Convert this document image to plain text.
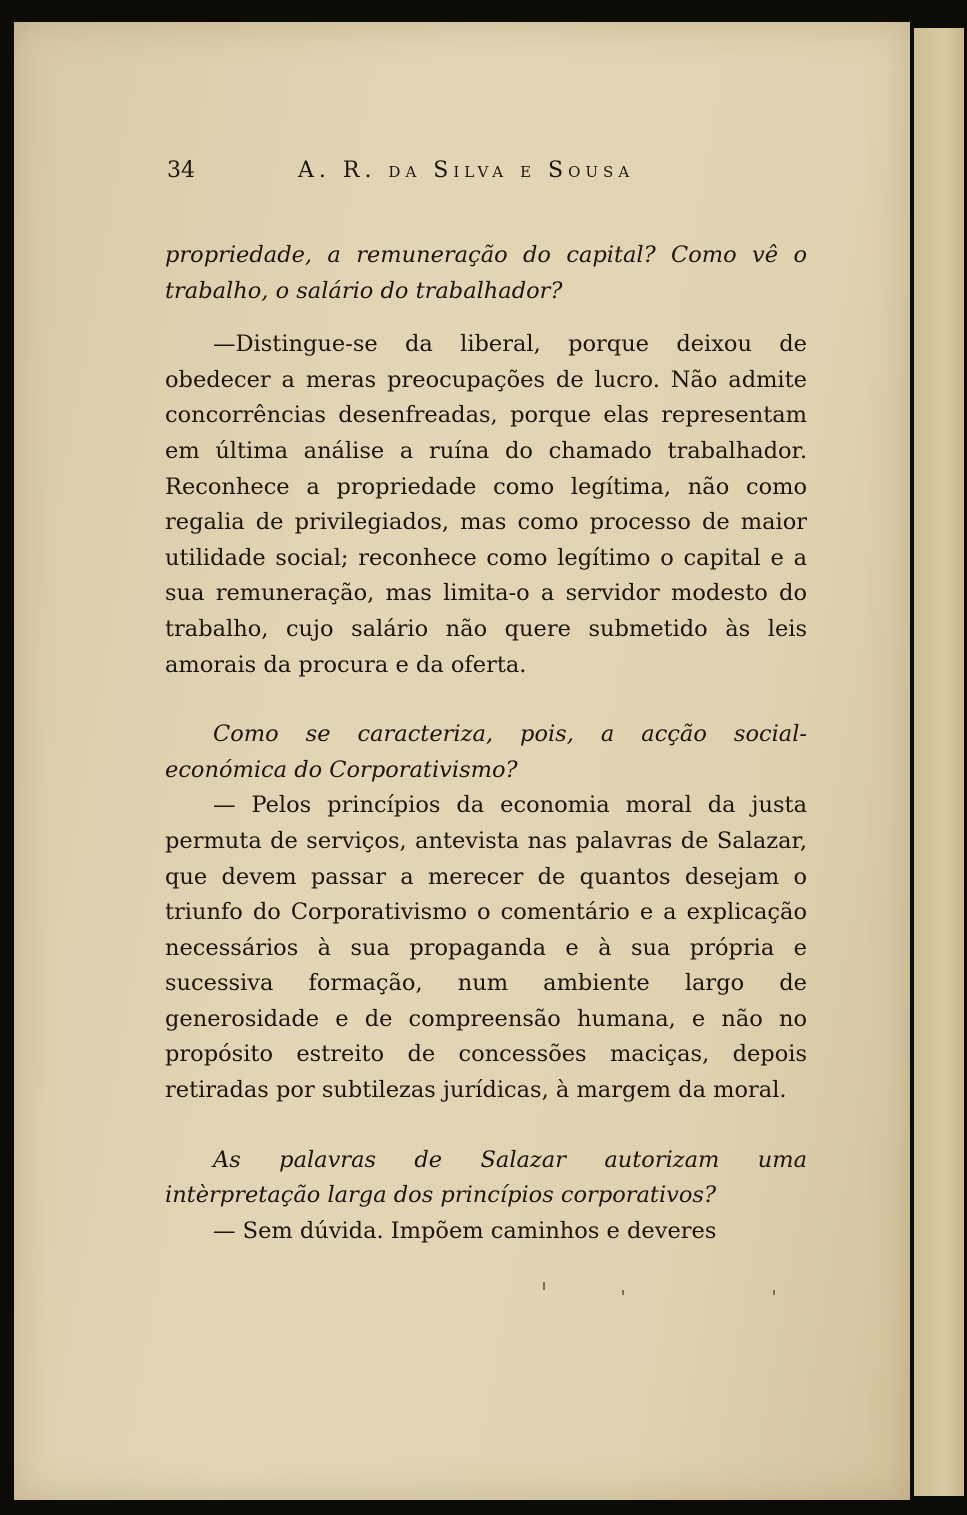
34	A. R. da Silva e Sousa

propriedade, a remuneração do capital? Como vê o trabalho, o salário do trabalhador?

—Distingue-se da liberal, porque deixou de obedecer a meras preocupações de lucro. Não admite concorrências desenfreadas, porque elas representam em última análise a ruína do chamado trabalhador. Reconhece a propriedade como legítima, não como regalia de privilegiados, mas como processo de maior utilidade social; reconhece como legítimo o capital e a sua remuneração, mas limita-o a servidor modesto do trabalho, cujo salário não quere submetido às leis amorais da procura e da oferta.

Como se caracteriza, pois, a acção social-económica do Corporativismo?

— Pelos princípios da economia moral da justa permuta de serviços, antevista nas palavras de Salazar, que devem passar a merecer de quantos desejam o triunfo do Corporativismo o comentário e a explicação necessários à sua propaganda e à sua própria e sucessiva formação, num ambiente largo de generosidade e de compreensão humana, e não no propósito estreito de concessões maciças, depois retiradas por subtilezas jurídicas, à margem da moral.

As palavras de Salazar autorizam uma intèrpretação larga dos princípios corporativos?

— Sem dúvida. Impõem caminhos e deveres
